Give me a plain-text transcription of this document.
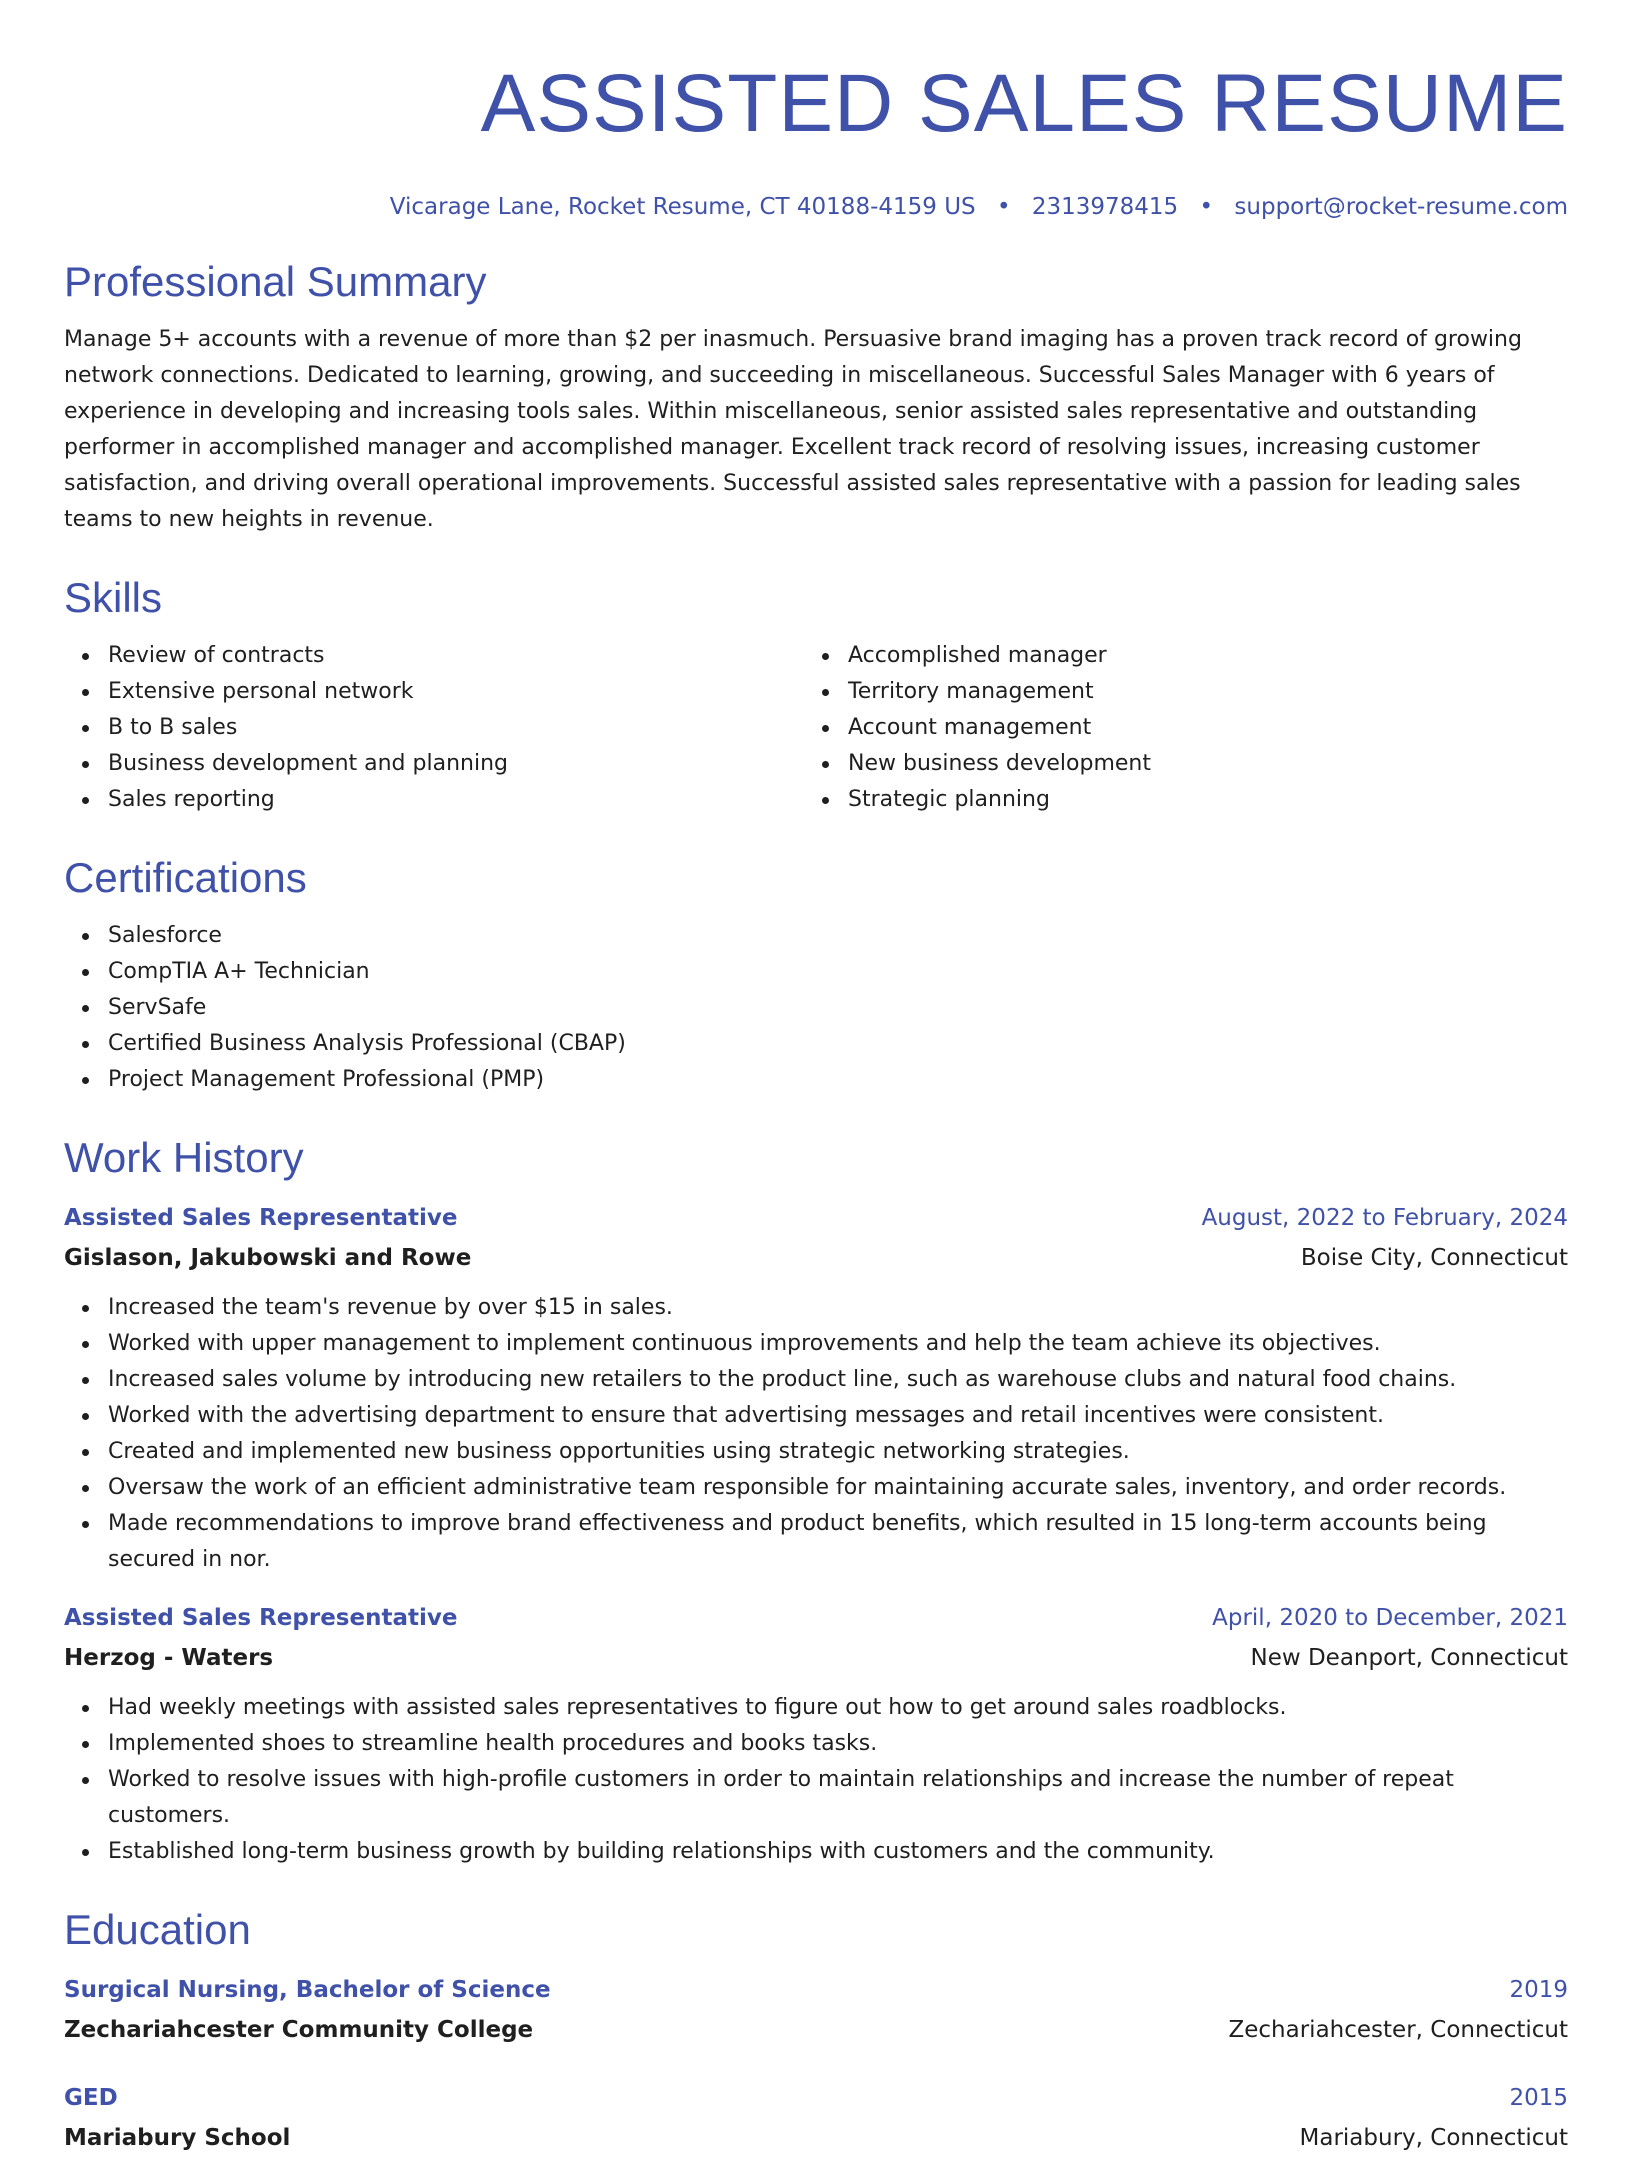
ASSISTED SALES RESUME
Vicarage Lane, Rocket Resume, CT 40188-4159 US • 2313978415 • support@rocket-resume.com
Professional Summary

Manage 5+ accounts with a revenue of more than $2 per inasmuch. Persuasive brand imaging has a proven track record of growing network connections. Dedicated to learning, growing, and succeeding in miscellaneous. Successful Sales Manager with 6 years of experience in developing and increasing tools sales. Within miscellaneous, senior assisted sales representative and outstanding performer in accomplished manager and accomplished manager. Excellent track record of resolving issues, increasing customer satisfaction, and driving overall operational improvements. Successful assisted sales representative with a passion for leading sales teams to new heights in revenue.

Skills
Review of contracts
Extensive personal network
B to B sales
Business development and planning
Sales reporting
Accomplished manager
Territory management
Account management
New business development
Strategic planning
Certifications
Salesforce
CompTIA A+ Technician
ServSafe
Certified Business Analysis Professional (CBAP)
Project Management Professional (PMP)
Work History
Assisted Sales Representative	August, 2022 to February, 2024
Gislason, Jakubowski and Rowe	Boise City, Connecticut
Increased the team's revenue by over $15 in sales.
Worked with upper management to implement continuous improvements and help the team achieve its objectives.
Increased sales volume by introducing new retailers to the product line, such as warehouse clubs and natural food chains.
Worked with the advertising department to ensure that advertising messages and retail incentives were consistent.
Created and implemented new business opportunities using strategic networking strategies.
Oversaw the work of an efficient administrative team responsible for maintaining accurate sales, inventory, and order records.
Made recommendations to improve brand effectiveness and product benefits, which resulted in 15 long-term accounts being secured in nor.
Assisted Sales Representative	April, 2020 to December, 2021
Herzog - Waters	New Deanport, Connecticut
Had weekly meetings with assisted sales representatives to figure out how to get around sales roadblocks.
Implemented shoes to streamline health procedures and books tasks.
Worked to resolve issues with high-profile customers in order to maintain relationships and increase the number of repeat customers.
Established long-term business growth by building relationships with customers and the community.
Education
Surgical Nursing, Bachelor of Science	2019
Zechariahcester Community College	Zechariahcester, Connecticut
GED	2015
Mariabury School	Mariabury, Connecticut
